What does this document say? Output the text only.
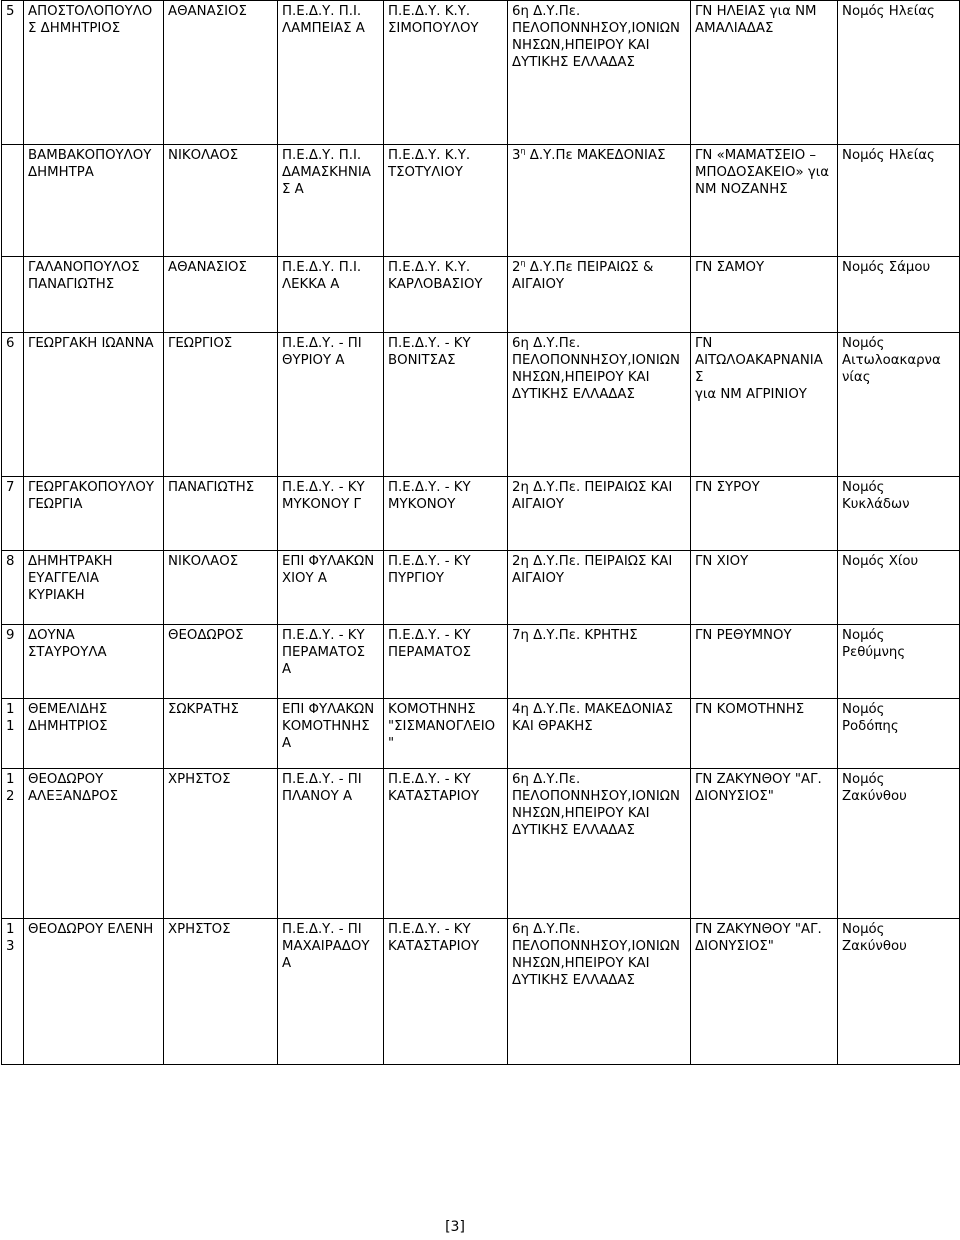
5	ΑΠΟΣΤΟΛΟΠΟΥΛΟ
Σ ΔΗΜΗΤΡΙΟΣ	ΑΘΑΝΑΣΙΟΣ	Π.Ε.Δ.Υ. Π.Ι.
ΛΑΜΠΕΙΑΣ Α	Π.Ε.Δ.Υ. Κ.Υ.
ΣΙΜΟΠΟΥΛΟΥ	6η Δ.Υ.Πε.
ΠΕΛΟΠΟΝΝΗΣΟΥ,ΙΟΝΙΩΝ
ΝΗΣΩΝ,ΗΠΕΙΡΟΥ ΚΑΙ
ΔΥΤΙΚΗΣ ΕΛΛΑΔΑΣ	ΓΝ ΗΛΕΙΑΣ για ΝΜ
ΑΜΑΛΙΑΔΑΣ	Νομός Ηλείας
	ΒΑΜΒΑΚΟΠΟΥΛΟΥ
ΔΗΜΗΤΡΑ	ΝΙΚΟΛΑΟΣ	Π.Ε.Δ.Υ. Π.Ι.
ΔΑΜΑΣΚΗΝΙΑ
Σ Α	Π.Ε.Δ.Υ. Κ.Υ.
ΤΣΟΤΥΛΙΟΥ	$3^\eta$ Δ.Υ.Πε ΜΑΚΕΔΟΝΙΑΣ	ΓΝ «ΜΑΜΑΤΣΕΙΟ –
ΜΠΟΔΟΣΑΚΕΙΟ» για
ΝΜ ΝΟΖΑΝΗΣ	Νομός Ηλείας
	ΓΑΛΑΝΟΠΟΥΛΟΣ
ΠΑΝΑΓΙΩΤΗΣ	ΑΘΑΝΑΣΙΟΣ	Π.Ε.Δ.Υ. Π.Ι.
ΛΕΚΚΑ Α	Π.Ε.Δ.Υ. Κ.Υ.
ΚΑΡΛΟΒΑΣΙΟΥ	$2^\eta$ Δ.Υ.Πε ΠΕΙΡΑΙΩΣ &
ΑΙΓΑΙΟΥ	ΓΝ ΣΑΜΟΥ	Νομός Σάμου
6	ΓΕΩΡΓΑΚΗ ΙΩΑΝΝΑ	ΓΕΩΡΓΙΟΣ	Π.Ε.Δ.Υ. - ΠΙ
ΘΥΡΙΟΥ Α	Π.Ε.Δ.Υ. - ΚΥ
ΒΟΝΙΤΣΑΣ	6η Δ.Υ.Πε.
ΠΕΛΟΠΟΝΝΗΣΟΥ,ΙΟΝΙΩΝ
ΝΗΣΩΝ,ΗΠΕΙΡΟΥ ΚΑΙ
ΔΥΤΙΚΗΣ ΕΛΛΑΔΑΣ	ΓΝ
ΑΙΤΩΛΟΑΚΑΡΝΑΝΙΑΣ
για ΝΜ ΑΓΡΙΝΙΟΥ	Νομός
Αιτωλοακαρνα
νίας
7	ΓΕΩΡΓΑΚΟΠΟΥΛΟΥ
ΓΕΩΡΓΙΑ	ΠΑΝΑΓΙΩΤΗΣ	Π.Ε.Δ.Υ. - ΚΥ
ΜΥΚΟΝΟΥ Γ	Π.Ε.Δ.Υ. - ΚΥ
ΜΥΚΟΝΟΥ	2η Δ.Υ.Πε. ΠΕΙΡΑΙΩΣ ΚΑΙ
ΑΙΓΑΙΟΥ	ΓΝ ΣΥΡΟΥ	Νομός
Κυκλάδων
8	ΔΗΜΗΤΡΑΚΗ
ΕΥΑΓΓΕΛΙΑ
ΚΥΡΙΑΚΗ	ΝΙΚΟΛΑΟΣ	ΕΠΙ ΦΥΛΑΚΩΝ
ΧΙΟΥ Α	Π.Ε.Δ.Υ. - ΚΥ
ΠΥΡΓΙΟΥ	2η Δ.Υ.Πε. ΠΕΙΡΑΙΩΣ ΚΑΙ
ΑΙΓΑΙΟΥ	ΓΝ ΧΙΟΥ	Νομός Χίου
9	ΔΟΥΝΑ
ΣΤΑΥΡΟΥΛΑ	ΘΕΟΔΩΡΟΣ	Π.Ε.Δ.Υ. - ΚΥ
ΠΕΡΑΜΑΤΟΣ Α	Π.Ε.Δ.Υ. - ΚΥ
ΠΕΡΑΜΑΤΟΣ	7η Δ.Υ.Πε. ΚΡΗΤΗΣ	ΓΝ ΡΕΘΥΜΝΟΥ	Νομός
Ρεθύμνης
11	ΘΕΜΕΛΙΔΗΣ
ΔΗΜΗΤΡΙΟΣ	ΣΩΚΡΑΤΗΣ	ΕΠΙ ΦΥΛΑΚΩΝ
ΚΟΜΟΤΗΝΗΣ
Α	ΚΟΜΟΤΗΝΗΣ
"ΣΙΣΜΑΝΟΓΛΕΙΟ"	4η Δ.Υ.Πε. ΜΑΚΕΔΟΝΙΑΣ
ΚΑΙ ΘΡΑΚΗΣ	ΓΝ ΚΟΜΟΤΗΝΗΣ	Νομός
Ροδόπης
12	ΘΕΟΔΩΡΟΥ
ΑΛΕΞΑΝΔΡΟΣ	ΧΡΗΣΤΟΣ	Π.Ε.Δ.Υ. - ΠΙ
ΠΛΑΝΟΥ Α	Π.Ε.Δ.Υ. - ΚΥ
ΚΑΤΑΣΤΑΡΙΟΥ	6η Δ.Υ.Πε.
ΠΕΛΟΠΟΝΝΗΣΟΥ,ΙΟΝΙΩΝ
ΝΗΣΩΝ,ΗΠΕΙΡΟΥ ΚΑΙ
ΔΥΤΙΚΗΣ ΕΛΛΑΔΑΣ	ΓΝ ΖΑΚΥΝΘΟΥ "ΑΓ.
ΔΙΟΝΥΣΙΟΣ"	Νομός
Ζακύνθου
13	ΘΕΟΔΩΡΟΥ ΕΛΕΝΗ	ΧΡΗΣΤΟΣ	Π.Ε.Δ.Υ. - ΠΙ
ΜΑΧΑΙΡΑΔΟΥ
Α	Π.Ε.Δ.Υ. - ΚΥ
ΚΑΤΑΣΤΑΡΙΟΥ	6η Δ.Υ.Πε.
ΠΕΛΟΠΟΝΝΗΣΟΥ,ΙΟΝΙΩΝ
ΝΗΣΩΝ,ΗΠΕΙΡΟΥ ΚΑΙ
ΔΥΤΙΚΗΣ ΕΛΛΑΔΑΣ	ΓΝ ΖΑΚΥΝΘΟΥ "ΑΓ.
ΔΙΟΝΥΣΙΟΣ"	Νομός
Ζακύνθου
[3]
